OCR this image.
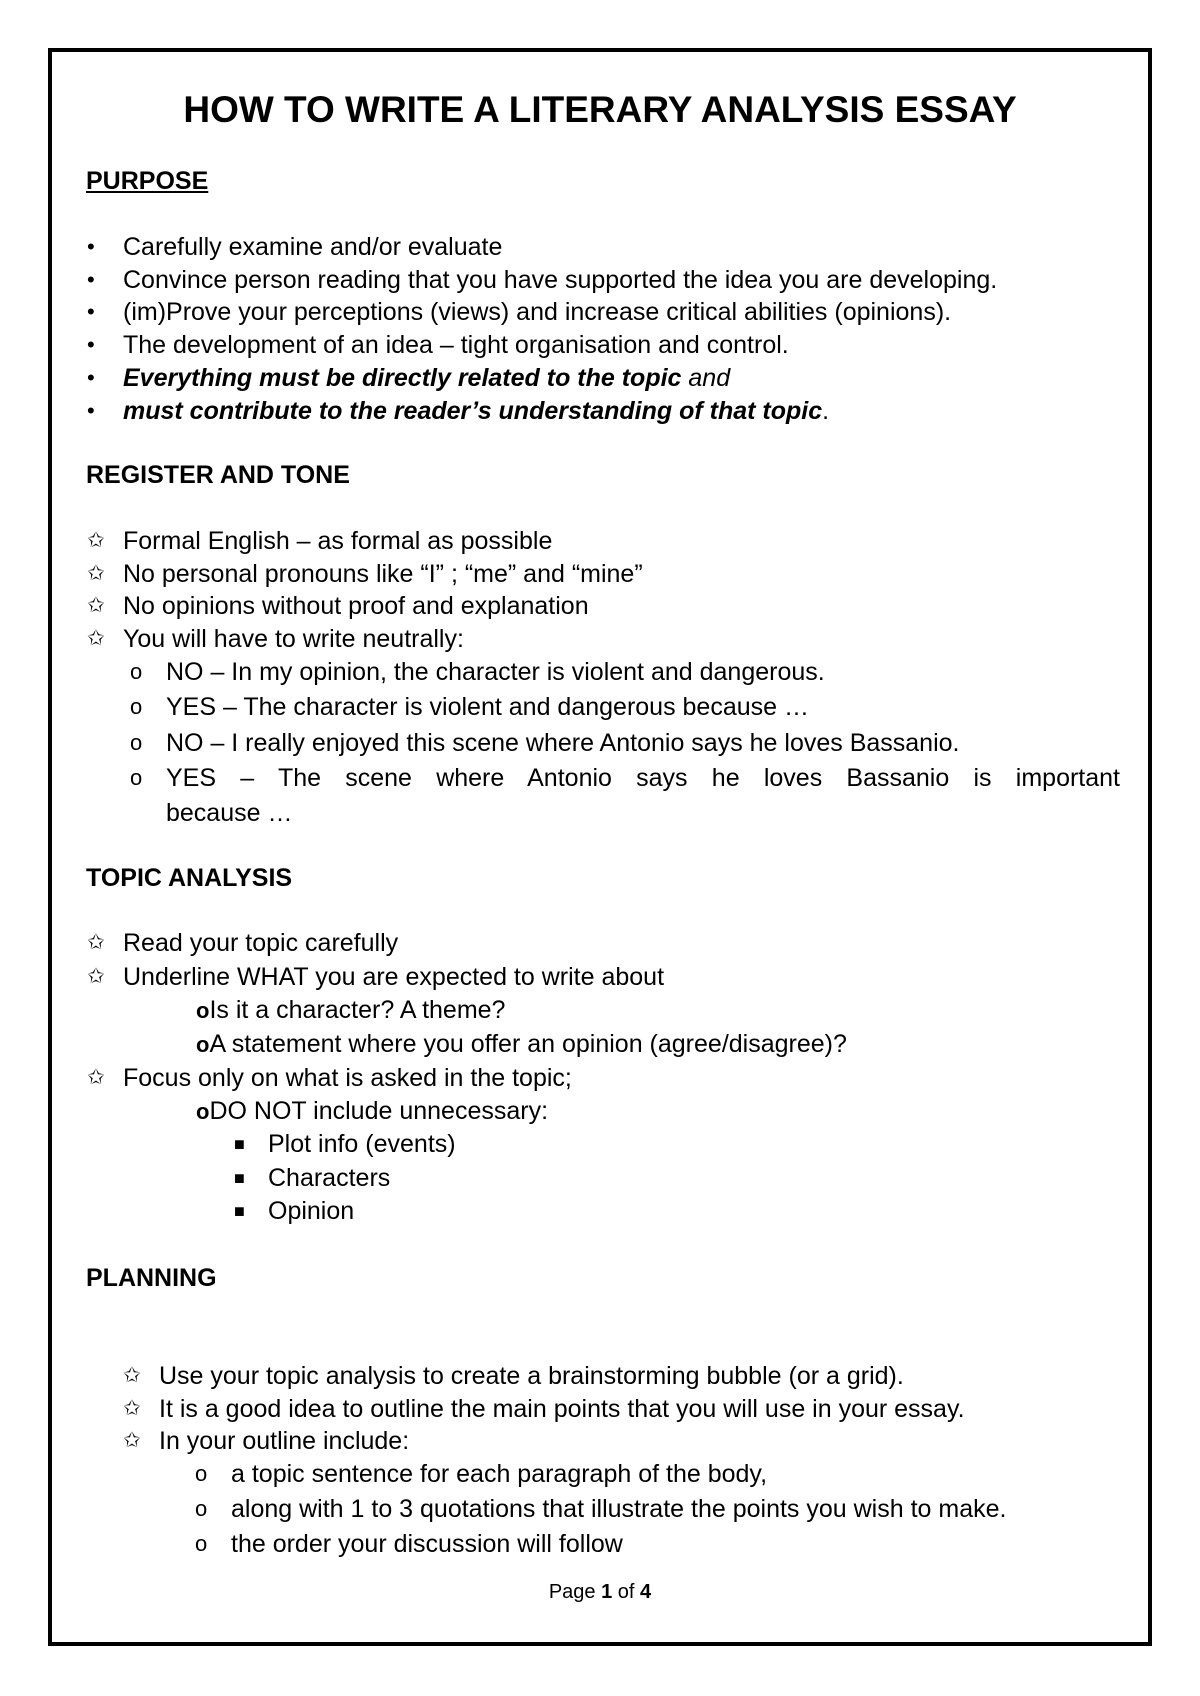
HOW TO WRITE A LITERARY ANALYSIS ESSAY
PURPOSE
• Carefully examine and/or evaluate
• Convince person reading that you have supported the idea you are developing.
• (im)Prove your perceptions (views) and increase critical abilities (opinions).
• The development of an idea – tight organisation and control.
• Everything must be directly related to the topic and
• must contribute to the reader’s understanding of that topic.
REGISTER AND TONE
✩ Formal English – as formal as possible
✩ No personal pronouns like “I” ; “me” and “mine”
✩ No opinions without proof and explanation
✩ You will have to write neutrally:
o NO – In my opinion, the character is violent and dangerous.
o YES – The character is violent and dangerous because …
o NO – I really enjoyed this scene where Antonio says he loves Bassanio.
o YES – The scene where Antonio says he loves Bassanio is important
because …
TOPIC ANALYSIS
✩ Read your topic carefully
✩ Underline WHAT you are expected to write about
oIs it a character? A theme?
oA statement where you offer an opinion (agree/disagree)?
✩ Focus only on what is asked in the topic;
oDO NOT include unnecessary:
■ Plot info (events)
■ Characters
■ Opinion
PLANNING
✩ Use your topic analysis to create a brainstorming bubble (or a grid).
✩ It is a good idea to outline the main points that you will use in your essay.
✩ In your outline include:
o a topic sentence for each paragraph of the body,
o along with 1 to 3 quotations that illustrate the points you wish to make.
o the order your discussion will follow
Page 1 of 4
